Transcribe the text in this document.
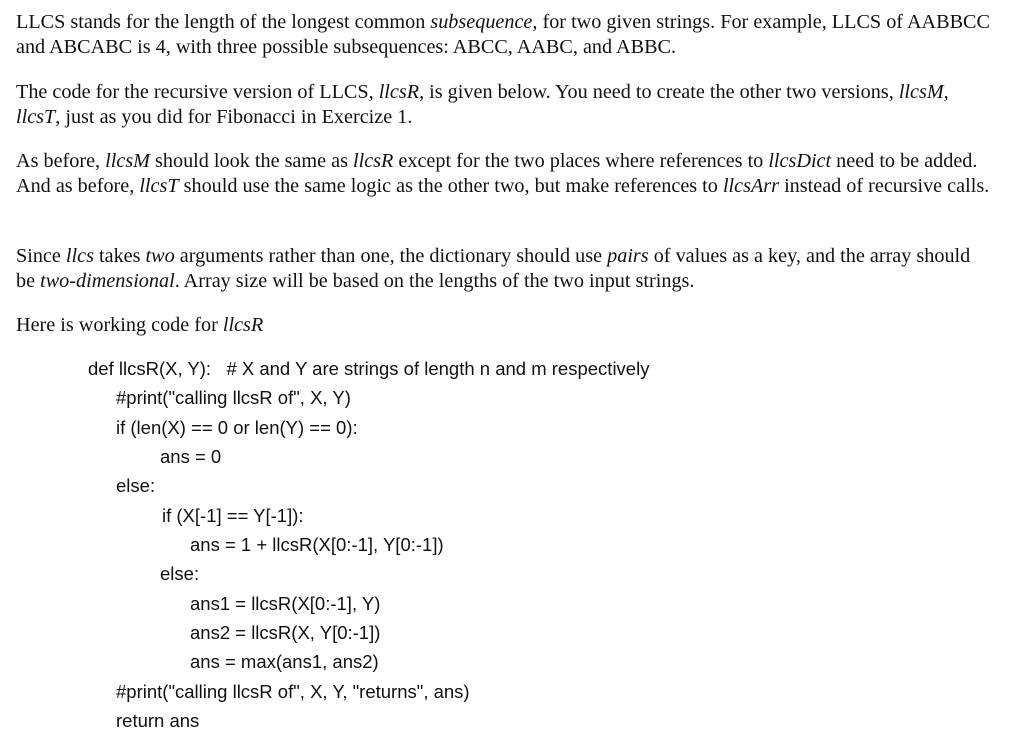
LLCS stands for the length of the longest common subsequence, for two given strings. For example, LLCS of AABBCC and ABCABC is 4, with three possible subsequences: ABCC, AABC, and ABBC.

The code for the recursive version of LLCS, llcsR, is given below. You need to create the other two versions, llcsM, llcsT, just as you did for Fibonacci in Exercize 1.

As before, llcsM should look the same as llcsR except for the two places where references to llcsDict need to be added. And as before, llcsT should use the same logic as the other two, but make references to llcsArr instead of recursive calls.

Since llcs takes two arguments rather than one, the dictionary should use pairs of values as a key, and the array should be two-dimensional. Array size will be based on the lengths of the two input strings.

Here is working code for llcsR

def llcsR(X, Y):   # X and Y are strings of length n and m respectively
#print("calling llcsR of", X, Y)
if (len(X) == 0 or len(Y) == 0):
ans = 0
else:
if (X[-1] == Y[-1]):
ans = 1 + llcsR(X[0:-1], Y[0:-1])
else:
ans1 = llcsR(X[0:-1], Y)
ans2 = llcsR(X, Y[0:-1])
ans = max(ans1, ans2)
#print("calling llcsR of", X, Y, "returns", ans)
return ans
